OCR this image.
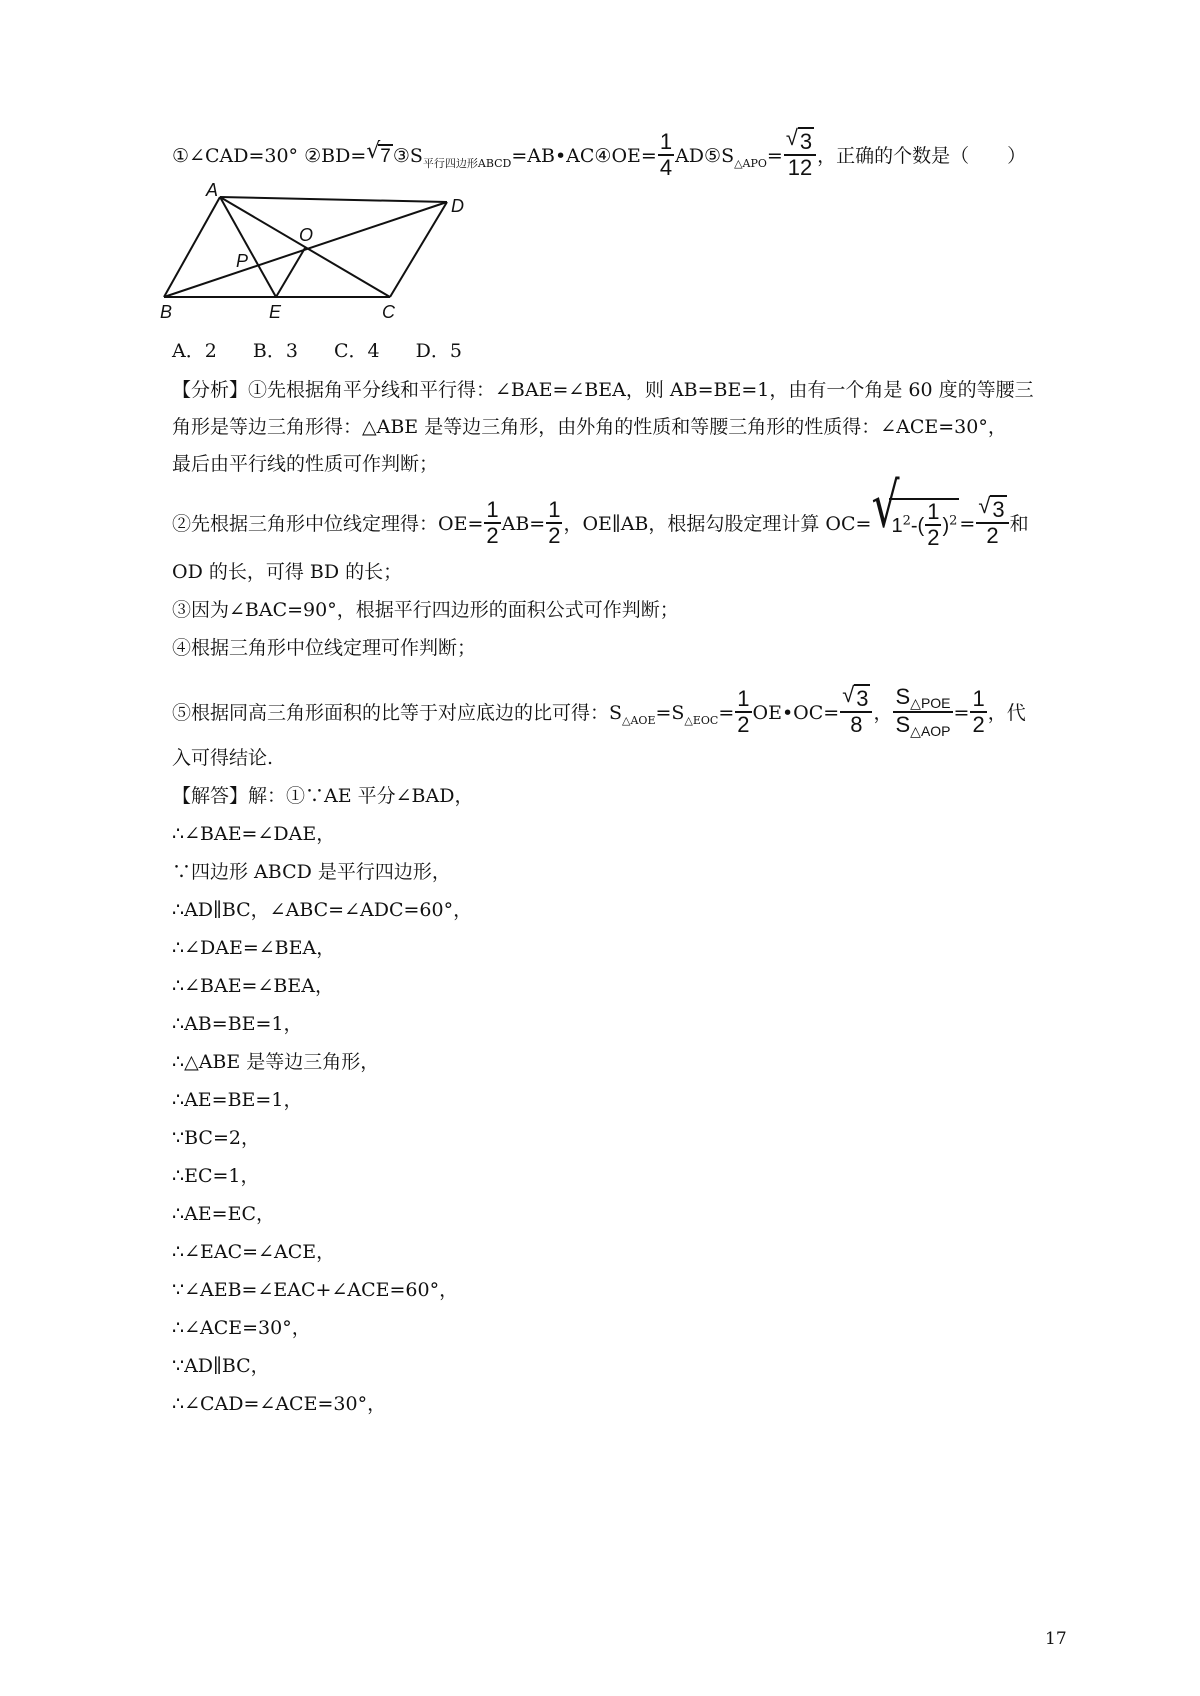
①∠CAD=30° ②BD= √ 7 $③S_{平行四边形ABCD}=AB•AC④OE= \frac{1}{4}$ $AD⑤S_{\triangle APO}=$ √ $\frac{3}{12}$ ，正确的个数是（　　）
A
D
O
P
B	E	C
A．2 B．3 C．4 D．5
【分析】①先根据角平分线和平行得：∠BAE=∠BEA，则 AB=BE=1，由有一个角是 60 度的等腰三
角形是等边三角形得：△ABE 是等边三角形，由外角的性质和等腰三角形的性质得：∠ACE=30°，
最后由平行线的性质可作判断；
②先根据三角形中位线定理得：$OE= \frac{1}{2} AB= \frac{1}{2}$ ，OE∥AB，根据勾股定理计算 OC= √ $1^2-( \frac{1}{2} )^2$ = √ $\frac{3}{2}$ 和
OD 的长，可得 BD 的长；
③因为∠BAC=90°，根据平行四边形的面积公式可作判断；
④根据三角形中位线定理可作判断；
⑤根据同高三角形面积的比等于对应底边的比可得：$S_{\triangle AOE}=S_{\triangle EOC}= \frac{1}{2}$ OE•OC= √ $\frac{3}{8}$ ， $\frac{\text{S△POE}}{\text{S△AOP}} = \frac{1}{2}$ ，代
入可得结论.
【解答】解：①∵AE 平分∠BAD，
∴∠BAE=∠DAE，
∵四边形 ABCD 是平行四边形，
∴AD∥BC，∠ABC=∠ADC=60°，
∴∠DAE=∠BEA，
∴∠BAE=∠BEA，
∴AB=BE=1，
∴△ABE 是等边三角形，
∴AE=BE=1，
∵BC=2，
∴EC=1，
∴AE=EC，
∴∠EAC=∠ACE，
∵∠AEB=∠EAC+∠ACE=60°，
∴∠ACE=30°，
∵AD∥BC，
∴∠CAD=∠ACE=30°，
17
